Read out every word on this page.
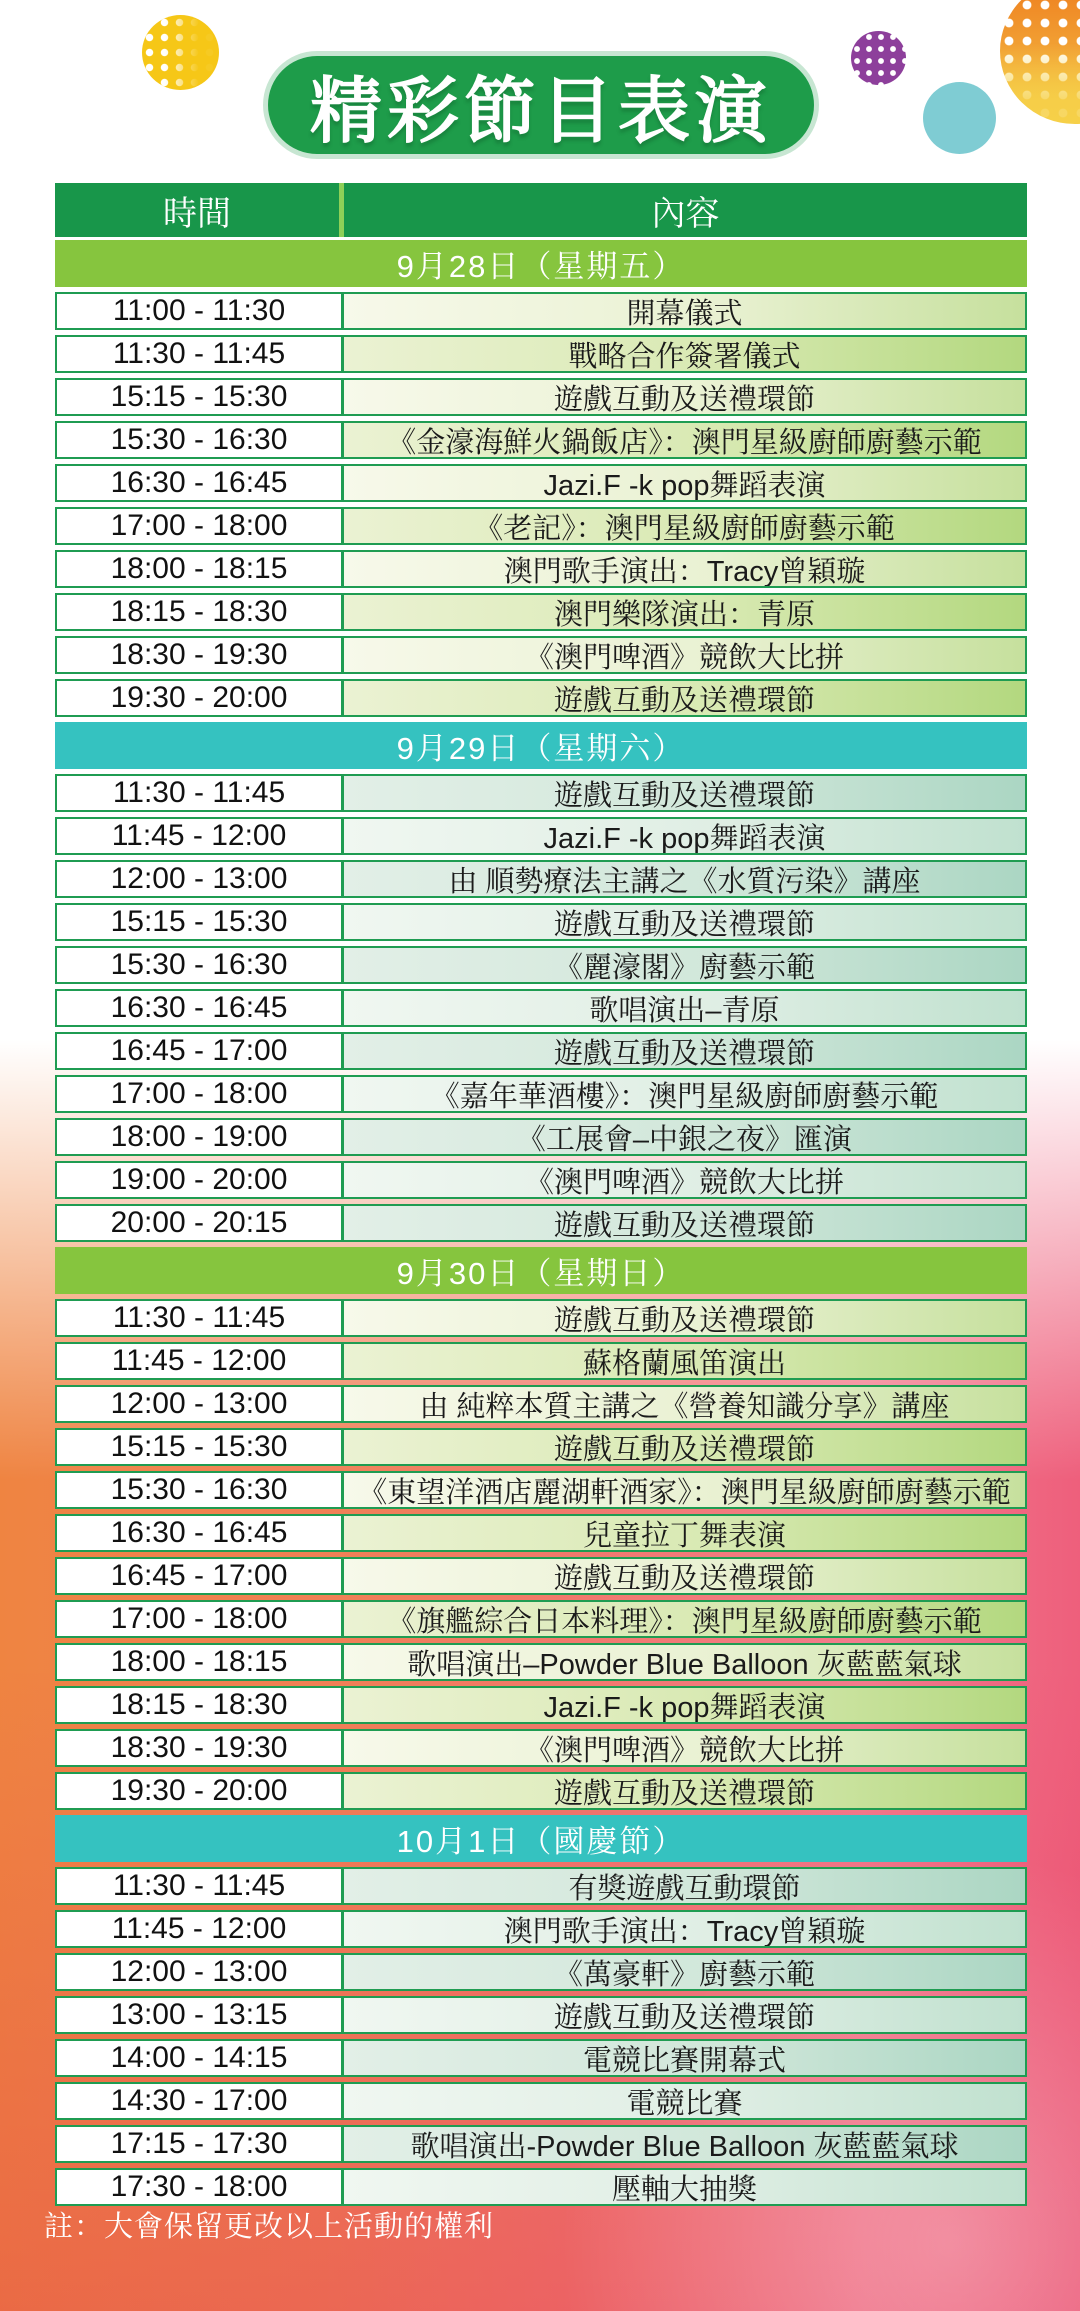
精彩節目表演
時間	內容
9月28日（星期五）
11:00 - 11:30	開幕儀式
11:30 - 11:45	戰略合作簽署儀式
15:15 - 15:30	遊戲互動及送禮環節
15:30 - 16:30	《金濠海鮮火鍋飯店》：澳門星級廚師廚藝示範
16:30 - 16:45	Jazi.F -k pop舞蹈表演
17:00 - 18:00	《老記》：澳門星級廚師廚藝示範
18:00 - 18:15	澳門歌手演出：Tracy曾穎璇
18:15 - 18:30	澳門樂隊演出：青原
18:30 - 19:30	《澳門啤酒》競飲大比拼
19:30 - 20:00	遊戲互動及送禮環節
9月29日（星期六）
11:30 - 11:45	遊戲互動及送禮環節
11:45 - 12:00	Jazi.F -k pop舞蹈表演
12:00 - 13:00	由 順勢療法主講之《水質污染》講座
15:15 - 15:30	遊戲互動及送禮環節
15:30 - 16:30	《麗濠閣》廚藝示範
16:30 - 16:45	歌唱演出–青原
16:45 - 17:00	遊戲互動及送禮環節
17:00 - 18:00	《嘉年華酒樓》：澳門星級廚師廚藝示範
18:00 - 19:00	《工展會–中銀之夜》匯演
19:00 - 20:00	《澳門啤酒》競飲大比拼
20:00 - 20:15	遊戲互動及送禮環節
9月30日（星期日）
11:30 - 11:45	遊戲互動及送禮環節
11:45 - 12:00	蘇格蘭風笛演出
12:00 - 13:00	由 純粹本質主講之《營養知識分享》講座
15:15 - 15:30	遊戲互動及送禮環節
15:30 - 16:30	《東望洋酒店麗湖軒酒家》：澳門星級廚師廚藝示範
16:30 - 16:45	兒童拉丁舞表演
16:45 - 17:00	遊戲互動及送禮環節
17:00 - 18:00	《旗艦綜合日本料理》：澳門星級廚師廚藝示範
18:00 - 18:15	歌唱演出–Powder Blue Balloon 灰藍藍氣球
18:15 - 18:30	Jazi.F -k pop舞蹈表演
18:30 - 19:30	《澳門啤酒》競飲大比拼
19:30 - 20:00	遊戲互動及送禮環節
10月1日（國慶節）
11:30 - 11:45	有獎遊戲互動環節
11:45 - 12:00	澳門歌手演出：Tracy曾穎璇
12:00 - 13:00	《萬豪軒》廚藝示範
13:00 - 13:15	遊戲互動及送禮環節
14:00 - 14:15	電競比賽開幕式
14:30 - 17:00	電競比賽
17:15 - 17:30	歌唱演出-Powder Blue Balloon 灰藍藍氣球
17:30 - 18:00	壓軸大抽獎
註：大會保留更改以上活動的權利
